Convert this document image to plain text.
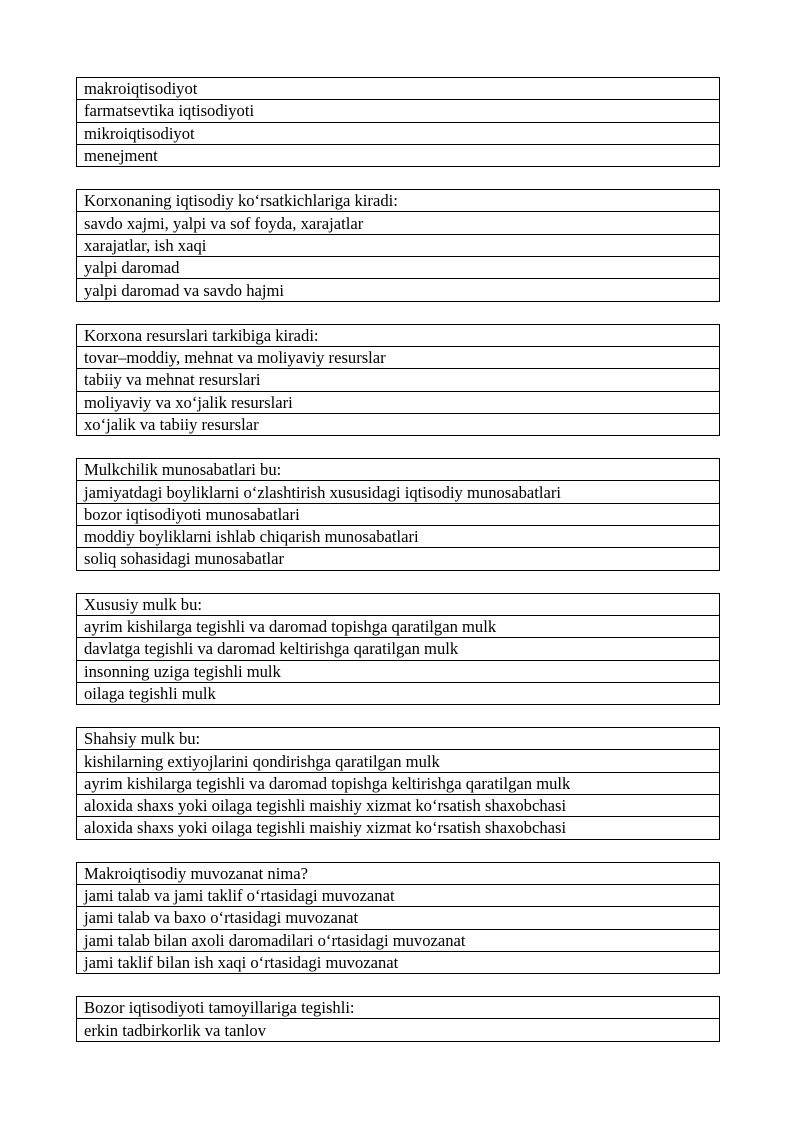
makroiqtisodiyot
farmatsevtika iqtisodiyoti
mikroiqtisodiyot
menejment
Korxonaning iqtisodiy ko‘rsatkichlariga kiradi:
savdo xajmi, yalpi va sof foyda, xarajatlar
xarajatlar, ish xaqi
yalpi daromad
yalpi daromad va savdo hajmi
Korxona resurslari tarkibiga kiradi:
tovar–moddiy, mehnat va moliyaviy resurslar
tabiiy va mehnat resurslari
moliyaviy va xo‘jalik resurslari
xo‘jalik va tabiiy resurslar
Mulkchilik munosabatlari bu:
jamiyatdagi boyliklarni o‘zlashtirish xususidagi iqtisodiy munosabatlari
bozor iqtisodiyoti munosabatlari
moddiy boyliklarni ishlab chiqarish munosabatlari
soliq sohasidagi munosabatlar
Xususiy mulk bu:
ayrim kishilarga tegishli va daromad topishga qaratilgan mulk
davlatga tegishli va daromad keltirishga qaratilgan mulk
insonning uziga tegishli mulk
oilaga tegishli mulk
Shahsiy mulk bu:
kishilarning extiyojlarini qondirishga qaratilgan mulk
ayrim kishilarga tegishli va daromad topishga keltirishga qaratilgan mulk
aloxida shaxs yoki oilaga tegishli maishiy xizmat ko‘rsatish shaxobchasi
aloxida shaxs yoki oilaga tegishli maishiy xizmat ko‘rsatish shaxobchasi
Makroiqtisodiy muvozanat nima?
jami talab va jami taklif o‘rtasidagi muvozanat
jami talab va baxo o‘rtasidagi muvozanat
jami talab bilan axoli daromadilari o‘rtasidagi muvozanat
jami taklif bilan ish xaqi o‘rtasidagi muvozanat
Bozor iqtisodiyoti tamoyillariga tegishli:
erkin tadbirkorlik va tanlov
